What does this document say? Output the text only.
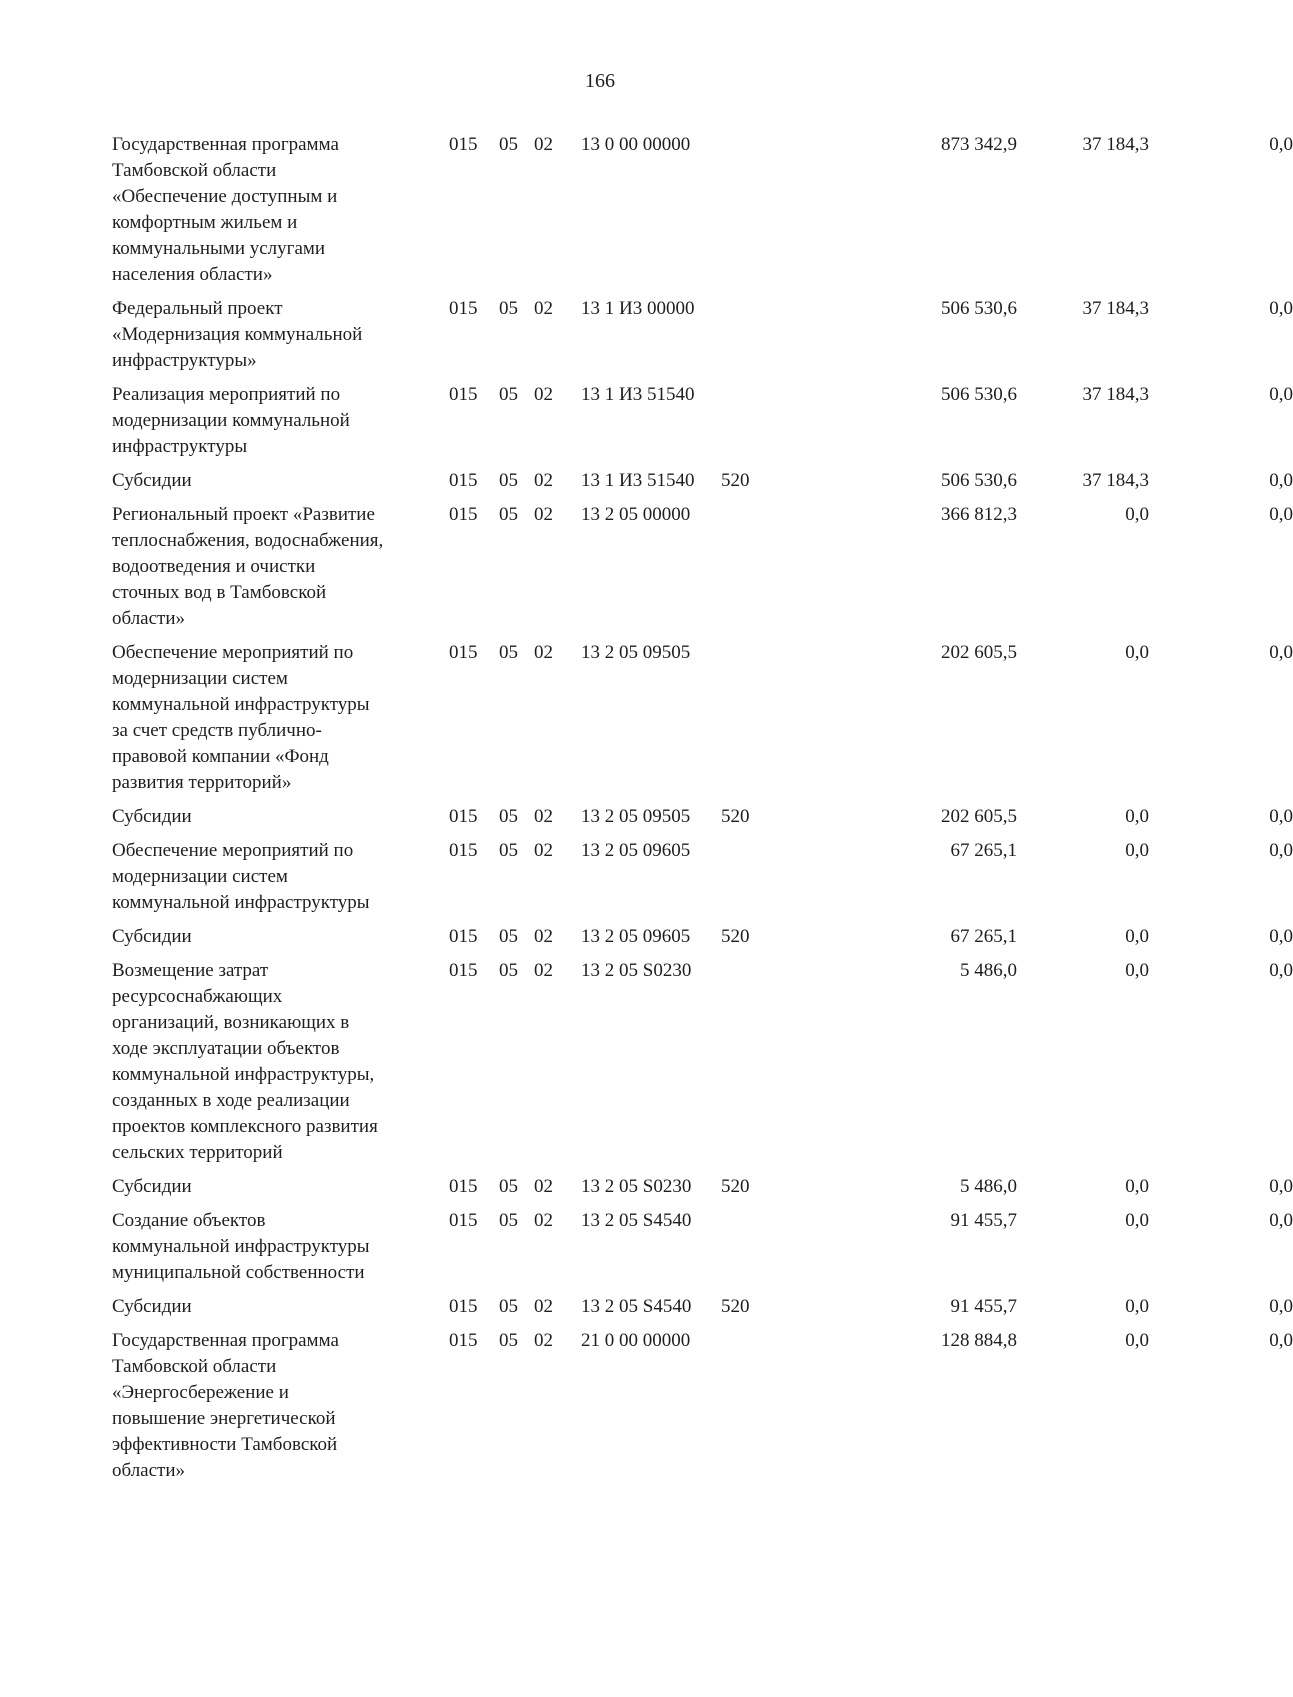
166
Государственная программа
Тамбовской области
«Обеспечение доступным и
комфортным жильем и
коммунальными услугами
населения области»
015 05 02 13 0 00 00000	873 342,9	37 184,3	0,0
Федеральный проект
«Модернизация коммунальной
инфраструктуры»
015 05 02 13 1 И3 00000	506 530,6	37 184,3	0,0
Реализация мероприятий по
модернизации коммунальной
инфраструктуры
015 05 02 13 1 И3 51540	506 530,6	37 184,3	0,0
Субсидии	015 05 02 13 1 И3 51540 520	506 530,6	37 184,3	0,0
Региональный проект «Развитие
теплоснабжения, водоснабжения,
водоотведения и очистки
сточных вод в Тамбовской
области»
015 05 02 13 2 05 00000	366 812,3	0,0	0,0
Обеспечение мероприятий по
модернизации систем
коммунальной инфраструктуры
за счет средств публично-
правовой компании «Фонд
развития территорий»
015 05 02 13 2 05 09505	202 605,5	0,0	0,0
Субсидии	015 05 02 13 2 05 09505 520	202 605,5	0,0	0,0
Обеспечение мероприятий по
модернизации систем
коммунальной инфраструктуры
015 05 02 13 2 05 09605	67 265,1	0,0	0,0
Субсидии	015 05 02 13 2 05 09605 520	67 265,1	0,0	0,0
Возмещение затрат
ресурсоснабжающих
организаций, возникающих в
ходе эксплуатации объектов
коммунальной инфраструктуры,
созданных в ходе реализации
проектов комплексного развития
сельских территорий
015 05 02 13 2 05 S0230	5 486,0	0,0	0,0
Субсидии	015 05 02 13 2 05 S0230 520	5 486,0	0,0	0,0
Создание объектов
коммунальной инфраструктуры
муниципальной собственности
015 05 02 13 2 05 S4540	91 455,7	0,0	0,0
Субсидии	015 05 02 13 2 05 S4540 520	91 455,7	0,0	0,0
Государственная программа
Тамбовской области
«Энергосбережение и
повышение энергетической
эффективности Тамбовской
области»
015 05 02 21 0 00 00000	128 884,8	0,0	0,0
